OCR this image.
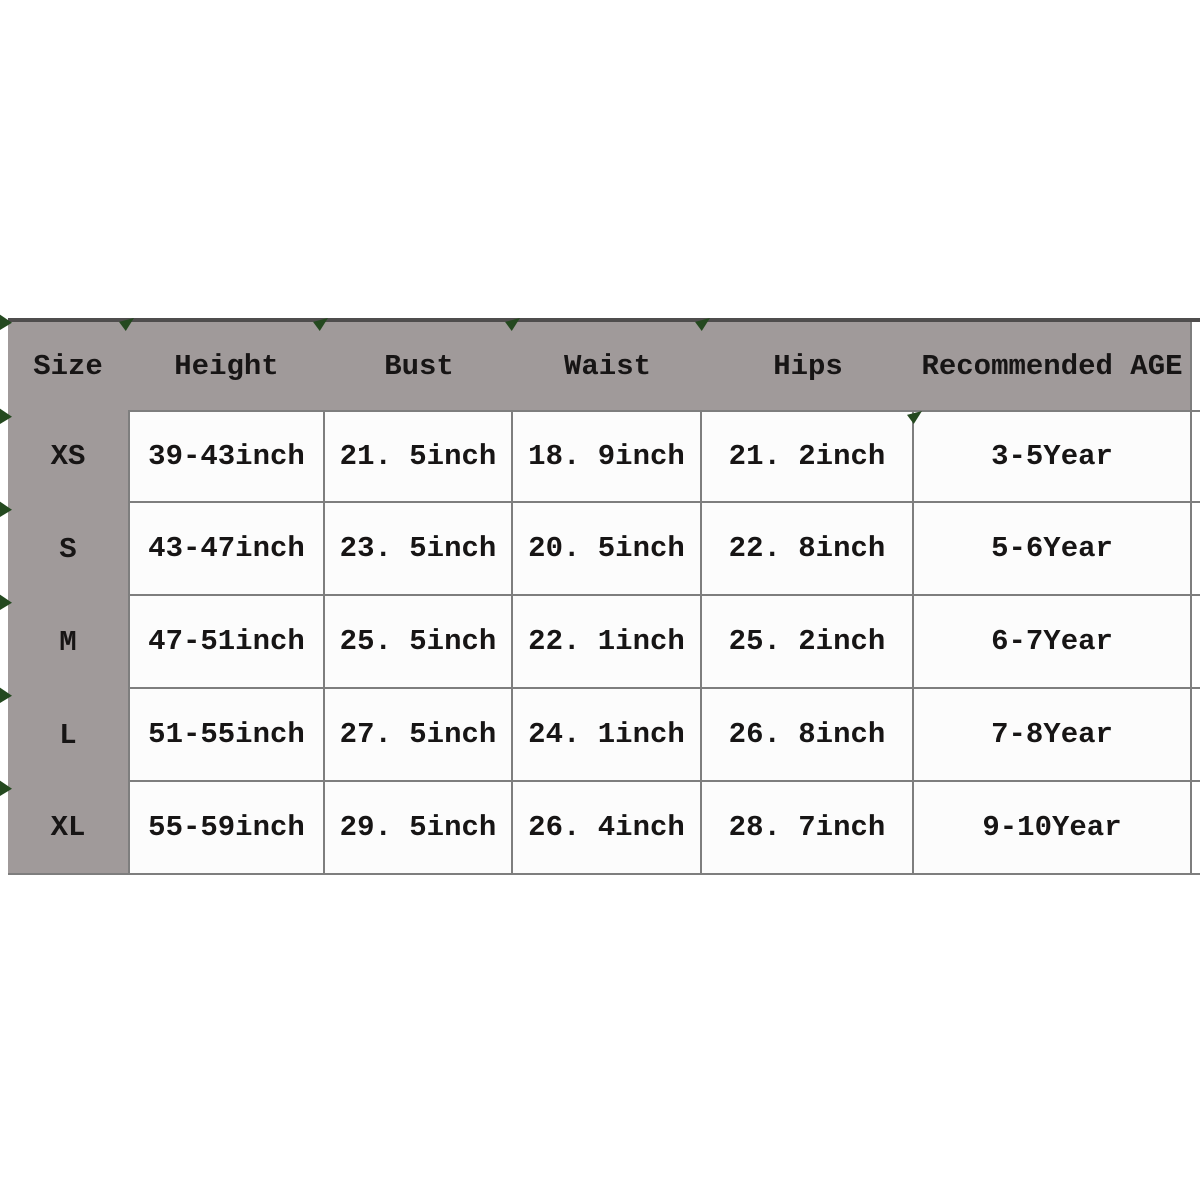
Size	Height	Bust	Waist	Hips	Recommended AGE
XS	39-43inch	21. 5inch	18. 9inch	21. 2inch	3-5Year
S	43-47inch	23. 5inch	20. 5inch	22. 8inch	5-6Year
M	47-51inch	25. 5inch	22. 1inch	25. 2inch	6-7Year
L	51-55inch	27. 5inch	24. 1inch	26. 8inch	7-8Year
XL	55-59inch	29. 5inch	26. 4inch	28. 7inch	9-10Year
